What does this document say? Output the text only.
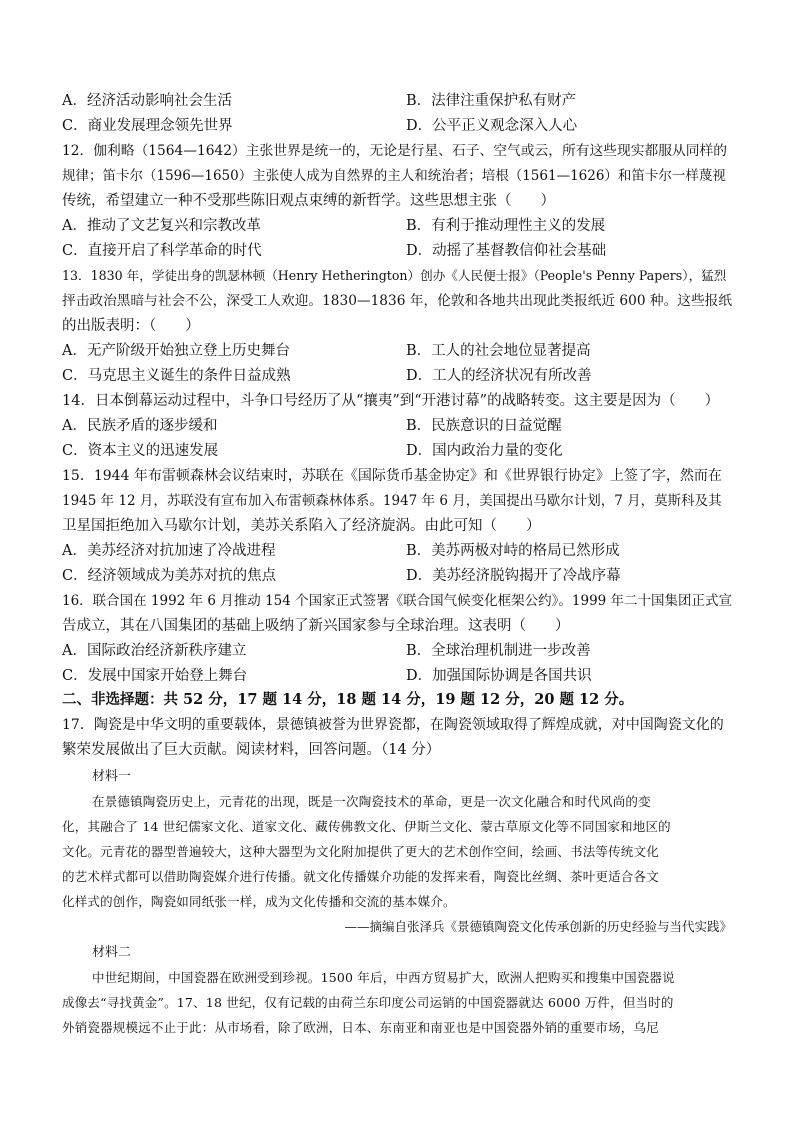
A．经济活动影响社会生活	B．法律注重保护私有财产
C．商业发展理念领先世界	D．公平正义观念深入人心
12．伽利略（1564—1642）主张世界是统一的，无论是行星、石子、空气或云，所有这些现实都服从同样的
规律；笛卡尔（1596—1650）主张使人成为自然界的主人和统治者；培根（1561—1626）和笛卡尔一样蔑视
传统，希望建立一种不受那些陈旧观点束缚的新哲学。这些思想主张（　　）
A．推动了文艺复兴和宗教改革	B．有利于推动理性主义的发展
C．直接开启了科学革命的时代	D．动摇了基督教信仰社会基础
13．1830 年，学徒出身的凯瑟林顿（Henry Hetherington）创办《人民便士报》（People's Penny Papers），猛烈
抨击政治黑暗与社会不公，深受工人欢迎。1830—1836 年，伦敦和各地共出现此类报纸近 600 种。这些报纸
的出版表明：（　　）
A．无产阶级开始独立登上历史舞台	B．工人的社会地位显著提高
C．马克思主义诞生的条件日益成熟	D．工人的经济状况有所改善
14．日本倒幕运动过程中，斗争口号经历了从“攘夷”到“开港讨幕”的战略转变。这主要是因为（　　）
A．民族矛盾的逐步缓和	B．民族意识的日益觉醒
C．资本主义的迅速发展	D．国内政治力量的变化
15．1944 年布雷顿森林会议结束时，苏联在《国际货币基金协定》和《世界银行协定》上签了字，然而在
1945 年 12 月，苏联没有宣布加入布雷顿森林体系。1947 年 6 月，美国提出马歇尔计划，7 月，莫斯科及其
卫星国拒绝加入马歇尔计划，美苏关系陷入了经济旋涡。由此可知（　　）
A．美苏经济对抗加速了冷战进程	B．美苏两极对峙的格局已然形成
C．经济领域成为美苏对抗的焦点	D．美苏经济脱钩揭开了冷战序幕
16．联合国在 1992 年 6 月推动 154 个国家正式签署《联合国气候变化框架公约》。1999 年二十国集团正式宣
告成立，其在八国集团的基础上吸纳了新兴国家参与全球治理。这表明（　　）
A．国际政治经济新秩序建立	B．全球治理机制进一步改善
C．发展中国家开始登上舞台	D．加强国际协调是各国共识
二、非选择题：共 52 分，17 题 14 分，18 题 14 分，19 题 12 分，20 题 12 分。
17．陶瓷是中华文明的重要载体，景德镇被誉为世界瓷都，在陶瓷领域取得了辉煌成就，对中国陶瓷文化的
繁荣发展做出了巨大贡献。阅读材料，回答问题。（14 分）
材料一
在景德镇陶瓷历史上，元青花的出现，既是一次陶瓷技术的革命，更是一次文化融合和时代风尚的变
化，其融合了 14 世纪儒家文化、道家文化、藏传佛教文化、伊斯兰文化、蒙古草原文化等不同国家和地区的
文化。元青花的器型普遍较大，这种大器型为文化附加提供了更大的艺术创作空间，绘画、书法等传统文化
的艺术样式都可以借助陶瓷媒介进行传播。就文化传播媒介功能的发挥来看，陶瓷比丝绸、茶叶更适合各文
化样式的创作，陶瓷如同纸张一样，成为文化传播和交流的基本媒介。
——摘编自张泽兵《景德镇陶瓷文化传承创新的历史经验与当代实践》
材料二
中世纪期间，中国瓷器在欧洲受到珍视。1500 年后，中西方贸易扩大，欧洲人把购买和搜集中国瓷器说
成像去“寻找黄金”。17、18 世纪，仅有记载的由荷兰东印度公司运销的中国瓷器就达 6000 万件，但当时的
外销瓷器规模远不止于此：从市场看，除了欧洲，日本、东南亚和南亚也是中国瓷器外销的重要市场，乌尼
